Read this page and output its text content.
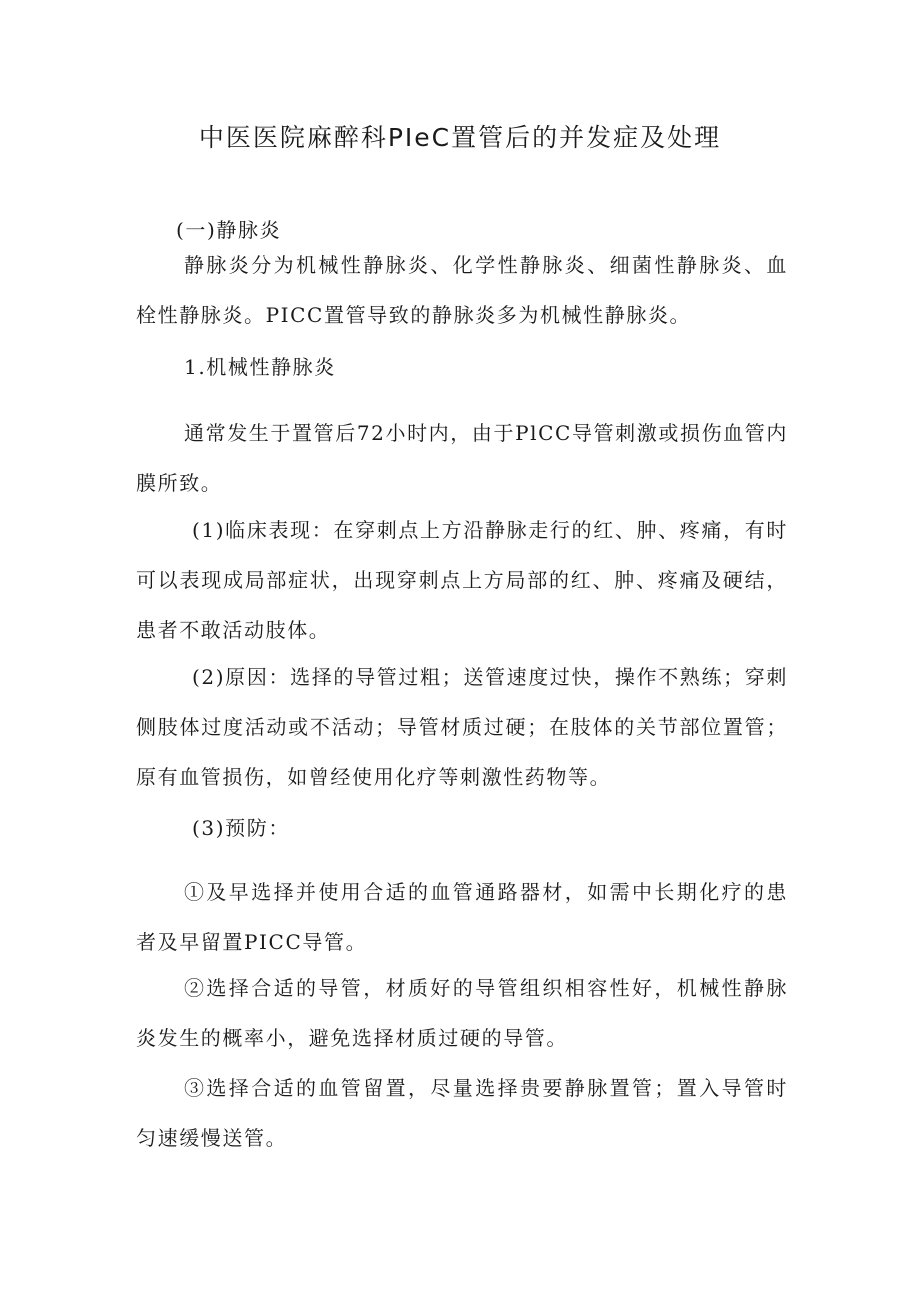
中医医院麻醉科PIeC置管后的并发症及处理

(一)静脉炎

静脉炎分为机械性静脉炎、化学性静脉炎、细菌性静脉炎、血栓性静脉炎。PICC置管导致的静脉炎多为机械性静脉炎。

1.机械性静脉炎

通常发生于置管后72小时内，由于PlCC导管刺激或损伤血管内膜所致。

(1)临床表现：在穿刺点上方沿静脉走行的红、肿、疼痛，有时可以表现成局部症状，出现穿刺点上方局部的红、肿、疼痛及硬结，患者不敢活动肢体。

(2)原因：选择的导管过粗；送管速度过快，操作不熟练；穿刺侧肢体过度活动或不活动；导管材质过硬；在肢体的关节部位置管；原有血管损伤，如曾经使用化疗等刺激性药物等。

(3)预防：

①及早选择并使用合适的血管通路器材，如需中长期化疗的患者及早留置PICC导管。

②选择合适的导管，材质好的导管组织相容性好，机械性静脉炎发生的概率小，避免选择材质过硬的导管。

③选择合适的血管留置，尽量选择贵要静脉置管；置入导管时匀速缓慢送管。
